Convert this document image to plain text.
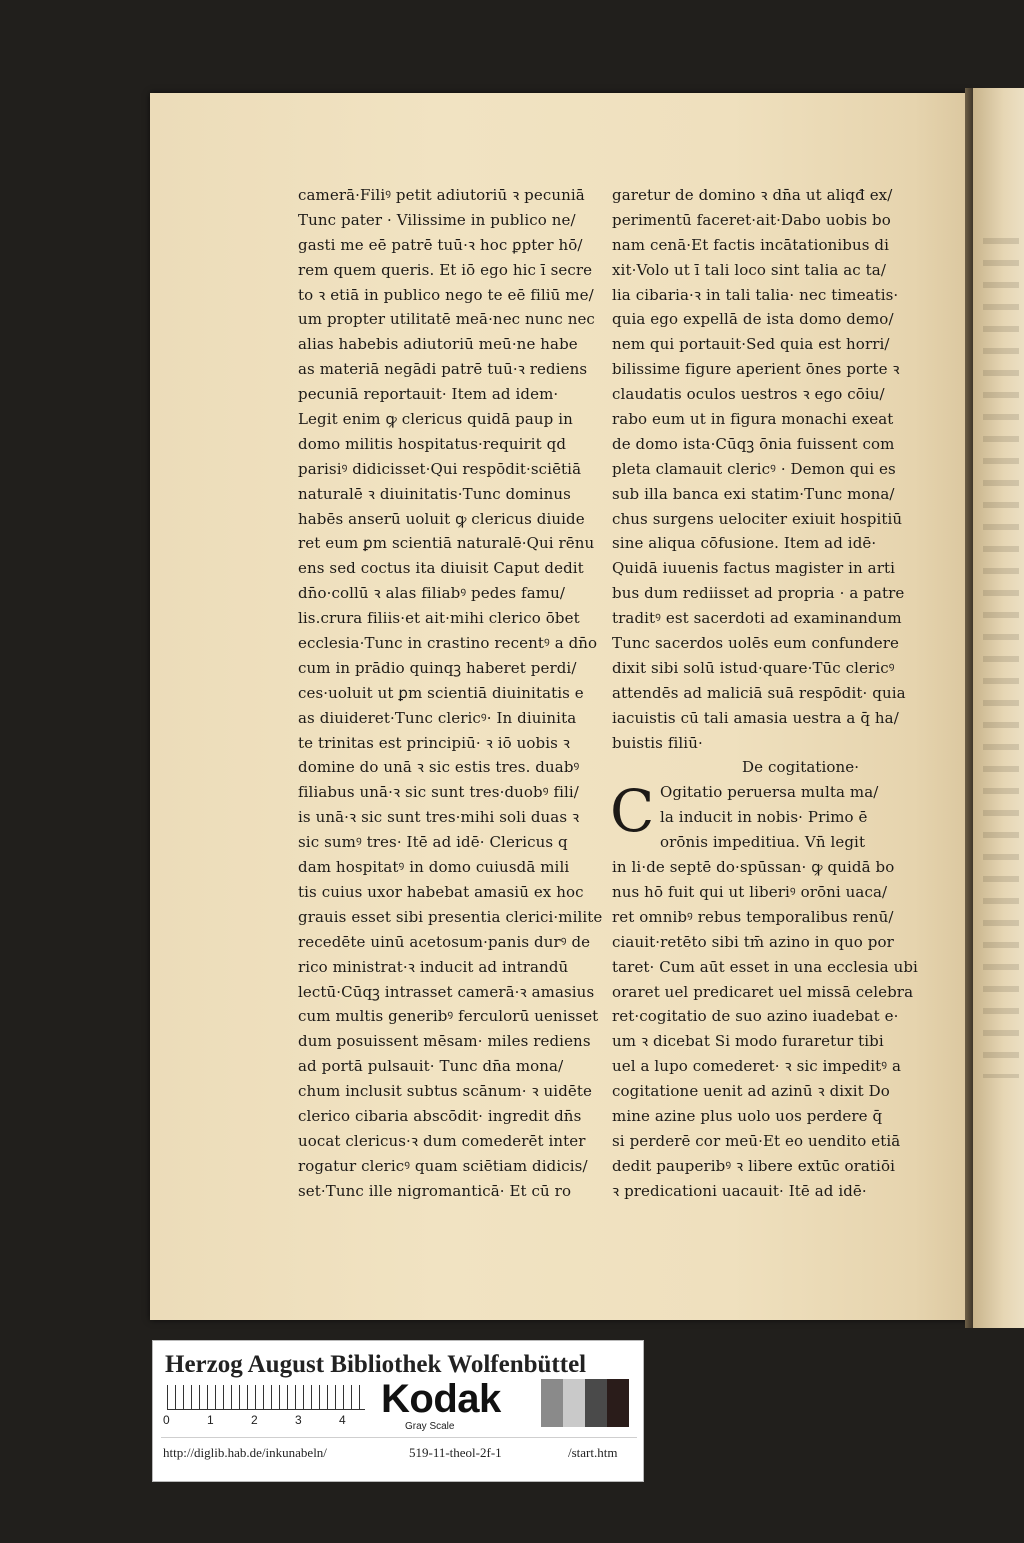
camerā·Filiꝰ petit adiutoriū ꝛ pecuniā
Tunc pater · Vilissime in publico ne/
gasti me eē patrē tuū·ꝛ hoc ꝑpter hō/
rem quem queris. Et iō ego hic ī secre
to ꝛ etiā in publico nego te eē filiū me/
um propter utilitatē meā·nec nunc nec
alias habebis adiutoriū meū·ne habe
as materiā negādi patrē tuū·ꝛ rediens
pecuniā reportauit· Item ad idem·
Legit enim ꝙ clericus quidā paup in
domo militis hospitatus·requirit qd
parisiꝰ didicisset·Qui respōdit·sciētiā
naturalē ꝛ diuinitatis·Tunc dominus
habēs anserū uoluit ꝙ clericus diuide
ret eum ꝑm scientiā naturalē·Qui rēnu
ens sed coctus ita diuisit Caput dedit
dn̄o·collū ꝛ alas filiabꝰ pedes famu/
lis.crura filiis·et ait·mihi clerico ōbet
ecclesia·Tunc in crastino recentꝰ a dn̄o
cum in prādio quinqꝫ haberet perdi/
ces·uoluit ut ꝑm scientiā diuinitatis e
as diuideret·Tunc clericꝰ· In diuinita
te trinitas est principiū· ꝛ iō uobis ꝛ
domine do unā ꝛ sic estis tres. duabꝰ
filiabus unā·ꝛ sic sunt tres·duobꝰ fili/
is unā·ꝛ sic sunt tres·mihi soli duas ꝛ
sic sumꝰ tres· Itē ad idē· Clericus q
dam hospitatꝰ in domo cuiusdā mili
tis cuius uxor habebat amasiū ex hoc
grauis esset sibi presentia clerici·milite
recedēte uinū acetosum·panis durꝰ de
rico ministrat·ꝛ inducit ad intrandū
lectū·Cūqꝫ intrasset camerā·ꝛ amasius
cum multis generibꝰ ferculorū uenisset
dum posuissent mēsam· miles rediens
ad portā pulsauit· Tunc dn̄a mona/
chum inclusit subtus scānum· ꝛ uidēte
clerico cibaria abscōdit· ingredit dn̄s
uocat clericus·ꝛ dum comederēt inter
rogatur clericꝰ quam sciētiam didicis/
set·Tunc ille nigromanticā· Et cū ro
garetur de domino ꝛ dn̄a ut aliqđ ex/
perimentū faceret·ait·Dabo uobis bo
nam cenā·Et factis incātationibus di
xit·Volo ut ī tali loco sint talia ac ta/
lia cibaria·ꝛ in tali talia· nec timeatis·
quia ego expellā de ista domo demo/
nem qui portauit·Sed quia est horri/
bilissime figure aperient ōnes porte ꝛ
claudatis oculos uestros ꝛ ego cōiu/
rabo eum ut in figura monachi exeat
de domo ista·Cūqꝫ ōnia fuissent com
pleta clamauit clericꝰ · Demon qui es
sub illa banca exi statim·Tunc mona/
chus surgens uelociter exiuit hospitiū
sine aliqua cōfusione. Item ad idē·
Quidā iuuenis factus magister in arti
bus dum rediisset ad propria · a patre
traditꝰ est sacerdoti ad examinandum
Tunc sacerdos uolēs eum confundere
dixit sibi solū istud·quare·Tūc clericꝰ
attendēs ad maliciā suā respōdit· quia
iacuistis cū tali amasia uestra a q̄ ha/
buistis filiū·
De cogitatione·
C Ogitatio peruersa multa ma/
la inducit in nobis· Primo ē
orōnis impeditiua. Vn̄ legit
in li·de septē do·spūssan· ꝙ quidā bo
nus hō fuit qui ut liberiꝰ orōni uaca/
ret omnibꝰ rebus temporalibus renū/
ciauit·retēto sibi tm̄ azino in quo por
taret· Cum aūt esset in una ecclesia ubi
oraret uel predicaret uel missā celebra
ret·cogitatio de suo azino iuadebat e·
um ꝛ dicebat Si modo furaretur tibi
uel a lupo comederet· ꝛ sic impeditꝰ a
cogitatione uenit ad azinū ꝛ dixit Do
mine azine plus uolo uos perdere q̄
si perderē cor meū·Et eo uendito etiā
dedit pauperibꝰ ꝛ libere extūc oratiōi
ꝛ predicationi uacauit· Itē ad idē·
Herzog August Bibliothek Wolfenbüttel
0	1	2	3	4 Kodak
Gray Scale
http://diglib.hab.de/inkunabeln/	519-11-theol-2f-1	/start.htm
